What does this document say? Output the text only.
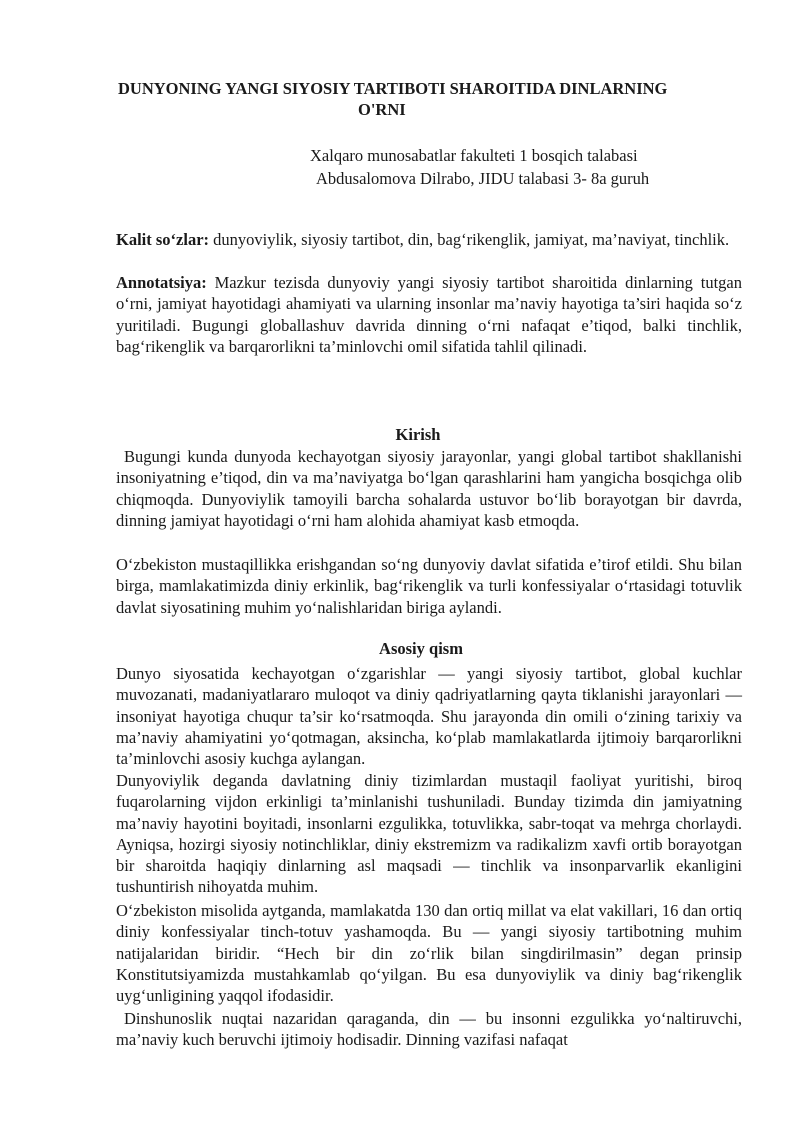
DUNYONING YANGI SIYOSIY TARTIBOTI SHAROITIDA DINLARNING
O'RNI
Xalqaro munosabatlar fakulteti 1 bosqich talabasi
Abdusalomova Dilrabo, JIDU talabasi 3- 8a guruh

Kalit so‘zlar: dunyoviylik, siyosiy tartibot, din, bag‘rikenglik, jamiyat, ma’naviyat, tinchlik.

Annotatsiya: Mazkur tezisda dunyoviy yangi siyosiy tartibot sharoitida dinlarning tutgan o‘rni, jamiyat hayotidagi ahamiyati va ularning insonlar ma’naviy hayotiga ta’siri haqida so‘z yuritiladi. Bugungi globallashuv davrida dinning o‘rni nafaqat e’tiqod, balki tinchlik, bag‘rikenglik va barqarorlikni ta’minlovchi omil sifatida tahlil qilinadi.

Kirish

Bugungi kunda dunyoda kechayotgan siyosiy jarayonlar, yangi global tartibot shakllanishi insoniyatning e’tiqod, din va ma’naviyatga bo‘lgan qarashlarini ham yangicha bosqichga olib chiqmoqda. Dunyoviylik tamoyili barcha sohalarda ustuvor bo‘lib borayotgan bir davrda, dinning jamiyat hayotidagi o‘rni ham alohida ahamiyat kasb etmoqda.

O‘zbekiston mustaqillikka erishgandan so‘ng dunyoviy davlat sifatida e’tirof etildi. Shu bilan birga, mamlakatimizda diniy erkinlik, bag‘rikenglik va turli konfessiyalar o‘rtasidagi totuvlik davlat siyosatining muhim yo‘nalishlaridan biriga aylandi.

Asosiy qism

Dunyo siyosatida kechayotgan o‘zgarishlar — yangi siyosiy tartibot, global kuchlar muvozanati, madaniyatlararo muloqot va diniy qadriyatlarning qayta tiklanishi jarayonlari — insoniyat hayotiga chuqur ta’sir ko‘rsatmoqda. Shu jarayonda din omili o‘zining tarixiy va ma’naviy ahamiyatini yo‘qotmagan, aksincha, ko‘plab mamlakatlarda ijtimoiy barqarorlikni ta’minlovchi asosiy kuchga aylangan.

Dunyoviylik deganda davlatning diniy tizimlardan mustaqil faoliyat yuritishi, biroq fuqarolarning vijdon erkinligi ta’minlanishi tushuniladi. Bunday tizimda din jamiyatning ma’naviy hayotini boyitadi, insonlarni ezgulikka, totuvlikka, sabr-toqat va mehrga chorlaydi. Ayniqsa, hozirgi siyosiy notinchliklar, diniy ekstremizm va radikalizm xavfi ortib borayotgan bir sharoitda haqiqiy dinlarning asl maqsadi — tinchlik va insonparvarlik ekanligini tushuntirish nihoyatda muhim.

O‘zbekiston misolida aytganda, mamlakatda 130 dan ortiq millat va elat vakillari, 16 dan ortiq diniy konfessiyalar tinch-totuv yashamoqda. Bu — yangi siyosiy tartibotning muhim natijalaridan biridir. “Hech bir din zo‘rlik bilan singdirilmasin” degan prinsip Konstitutsiyamizda mustahkamlab qo‘yilgan. Bu esa dunyoviylik va diniy bag‘rikenglik uyg‘unligining yaqqol ifodasidir.

Dinshunoslik nuqtai nazaridan qaraganda, din — bu insonni ezgulikka yo‘naltiruvchi, ma’naviy kuch beruvchi ijtimoiy hodisadir. Dinning vazifasi nafaqat
